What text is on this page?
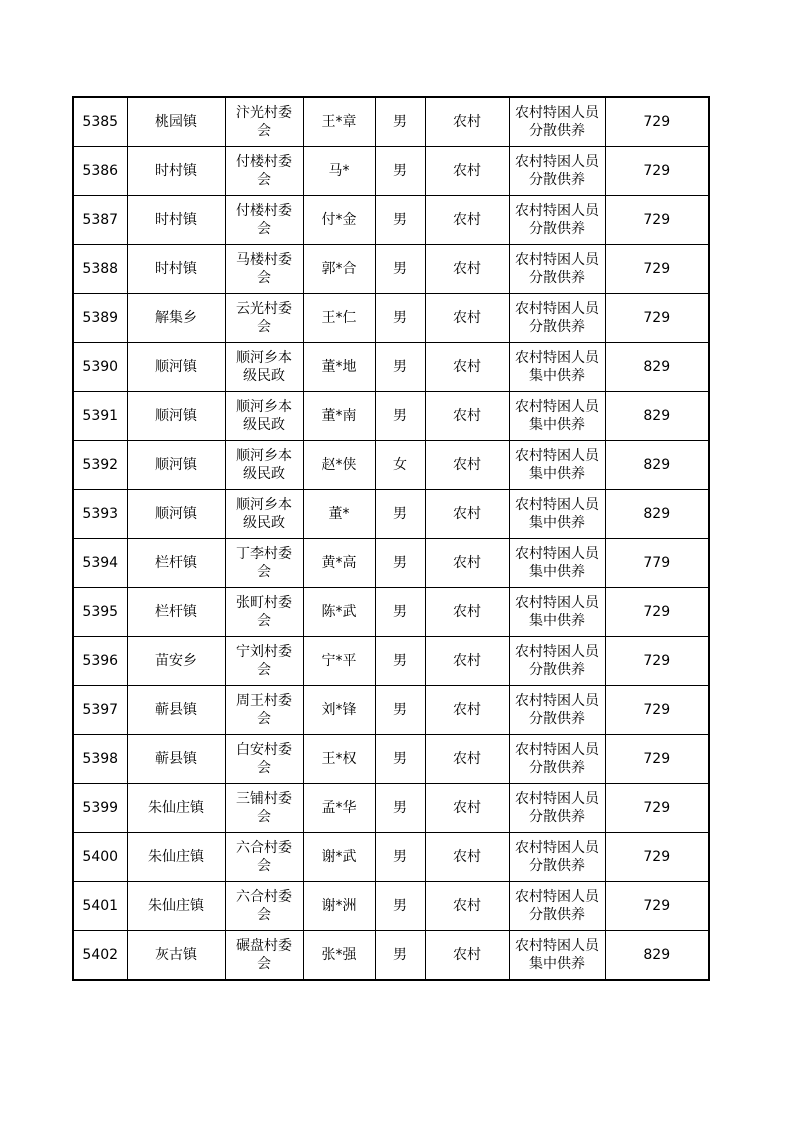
5385	桃园镇	汴光村委会	王*章	男	农村	农村特困人员分散供养	729
5386	时村镇	付楼村委会	马*	男	农村	农村特困人员分散供养	729
5387	时村镇	付楼村委会	付*金	男	农村	农村特困人员分散供养	729
5388	时村镇	马楼村委会	郭*合	男	农村	农村特困人员分散供养	729
5389	解集乡	云光村委会	王*仁	男	农村	农村特困人员分散供养	729
5390	顺河镇	顺河乡本级民政	董*地	男	农村	农村特困人员集中供养	829
5391	顺河镇	顺河乡本级民政	董*南	男	农村	农村特困人员集中供养	829
5392	顺河镇	顺河乡本级民政	赵*侠	女	农村	农村特困人员集中供养	829
5393	顺河镇	顺河乡本级民政	董*	男	农村	农村特困人员集中供养	829
5394	栏杆镇	丁李村委会	黄*高	男	农村	农村特困人员集中供养	779
5395	栏杆镇	张町村委会	陈*武	男	农村	农村特困人员集中供养	729
5396	苗安乡	宁刘村委会	宁*平	男	农村	农村特困人员分散供养	729
5397	蕲县镇	周王村委会	刘*锋	男	农村	农村特困人员分散供养	729
5398	蕲县镇	白安村委会	王*权	男	农村	农村特困人员分散供养	729
5399	朱仙庄镇	三铺村委会	孟*华	男	农村	农村特困人员分散供养	729
5400	朱仙庄镇	六合村委会	谢*武	男	农村	农村特困人员分散供养	729
5401	朱仙庄镇	六合村委会	谢*洲	男	农村	农村特困人员分散供养	729
5402	灰古镇	碾盘村委会	张*强	男	农村	农村特困人员集中供养	829
